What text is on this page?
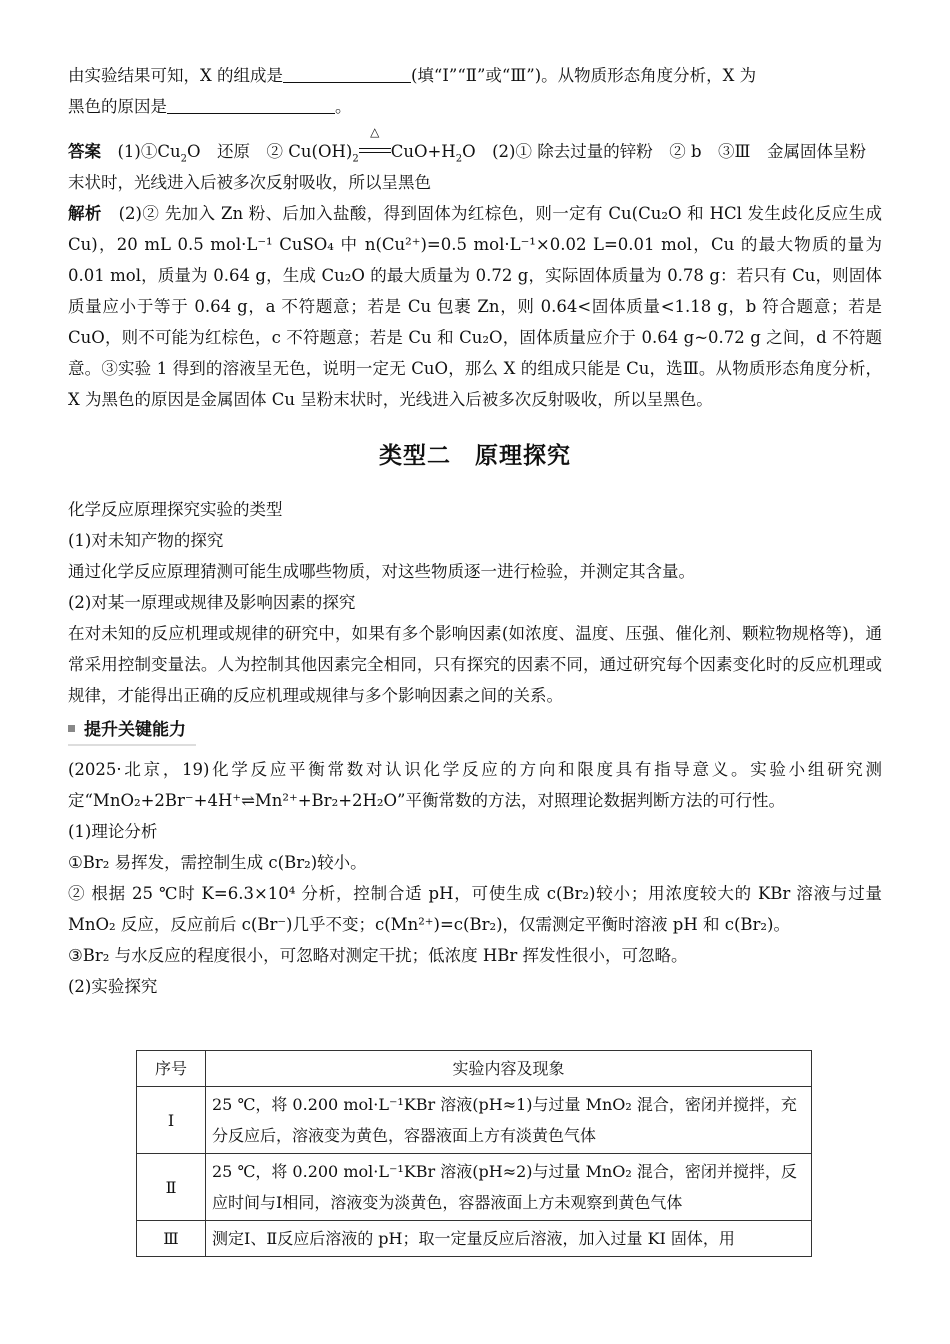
由实验结果可知，X 的组成是	(填“Ⅰ”“Ⅱ”或“Ⅲ”)。从物质形态角度分析，X 为
黑色的原因是	。

答案　 $(1)①Cu_2O$　还原　② $Cu(OH)_2$
△
$CuO+H_2O$　(2)① 除去过量的锌粉　② b　③Ⅲ　金属固体呈粉
末状时，光线进入后被多次反射吸收，所以呈黑色

解析　 (2)② 先加入 Zn 粉、后加入盐酸，得到固体为红棕色，则一定有 Cu(Cu₂O 和 HCl 发生歧化反应生成 Cu)，20 mL 0.5 mol·L⁻¹ CuSO₄ 中 n(Cu²⁺)=0.5 mol·L⁻¹×0.02 L=0.01 mol，Cu 的最大物质的量为 0.01 mol，质量为 0.64 g，生成 Cu₂O 的最大质量为 0.72 g，实际固体质量为 0.78 g：若只有 Cu，则固体质量应小于等于 0.64 g，a 不符题意；若是 Cu 包裹 Zn，则 0.64<固体质量<1.18 g，b 符合题意；若是 CuO，则不可能为红棕色，c 不符题意；若是 Cu 和 Cu₂O，固体质量应介于 0.64 g~0.72 g 之间，d 不符题意。③实验 1 得到的溶液呈无色，说明一定无 CuO，那么 X 的组成只能是 Cu，选Ⅲ。从物质形态角度分析，X 为黑色的原因是金属固体 Cu 呈粉末状时，光线进入后被多次反射吸收，所以呈黑色。

类型二　原理探究

化学反应原理探究实验的类型

(1)对未知产物的探究

通过化学反应原理猜测可能生成哪些物质，对这些物质逐一进行检验，并测定其含量。

(2)对某一原理或规律及影响因素的探究

在对未知的反应机理或规律的研究中，如果有多个影响因素(如浓度、温度、压强、催化剂、颗粒物规格等)，通常采用控制变量法。人为控制其他因素完全相同，只有探究的因素不同，通过研究每个因素变化时的反应机理或规律，才能得出正确的反应机理或规律与多个影响因素之间的关系。

提升关键能力

(2025·北京，19)化学反应平衡常数对认识化学反应的方向和限度具有指导意义。实验小组研究测定“MnO₂+2Br⁻+4H⁺⇌Mn²⁺+Br₂+2H₂O”平衡常数的方法，对照理论数据判断方法的可行性。

(1)理论分析

①Br₂ 易挥发，需控制生成 c(Br₂)较小。

② 根据 25 ℃时 K=6.3×10⁴ 分析，控制合适 pH，可使生成 c(Br₂)较小；用浓度较大的 KBr 溶液与过量 MnO₂ 反应，反应前后 c(Br⁻)几乎不变；c(Mn²⁺)=c(Br₂)，仅需测定平衡时溶液 pH 和 c(Br₂)。

③Br₂ 与水反应的程度很小，可忽略对测定干扰；低浓度 HBr 挥发性很小，可忽略。

(2)实验探究

序号	实验内容及现象
Ⅰ	25 ℃，将 0.200 mol·L⁻¹KBr 溶液(pH≈1)与过量 MnO₂ 混合，密闭并搅拌，充分反应后，溶液变为黄色，容器液面上方有淡黄色气体
Ⅱ	25 ℃，将 0.200 mol·L⁻¹KBr 溶液(pH≈2)与过量 MnO₂ 混合，密闭并搅拌，反应时间与Ⅰ相同，溶液变为淡黄色，容器液面上方未观察到黄色气体
Ⅲ	测定Ⅰ、Ⅱ反应后溶液的 pH；取一定量反应后溶液，加入过量 KI 固体，用
